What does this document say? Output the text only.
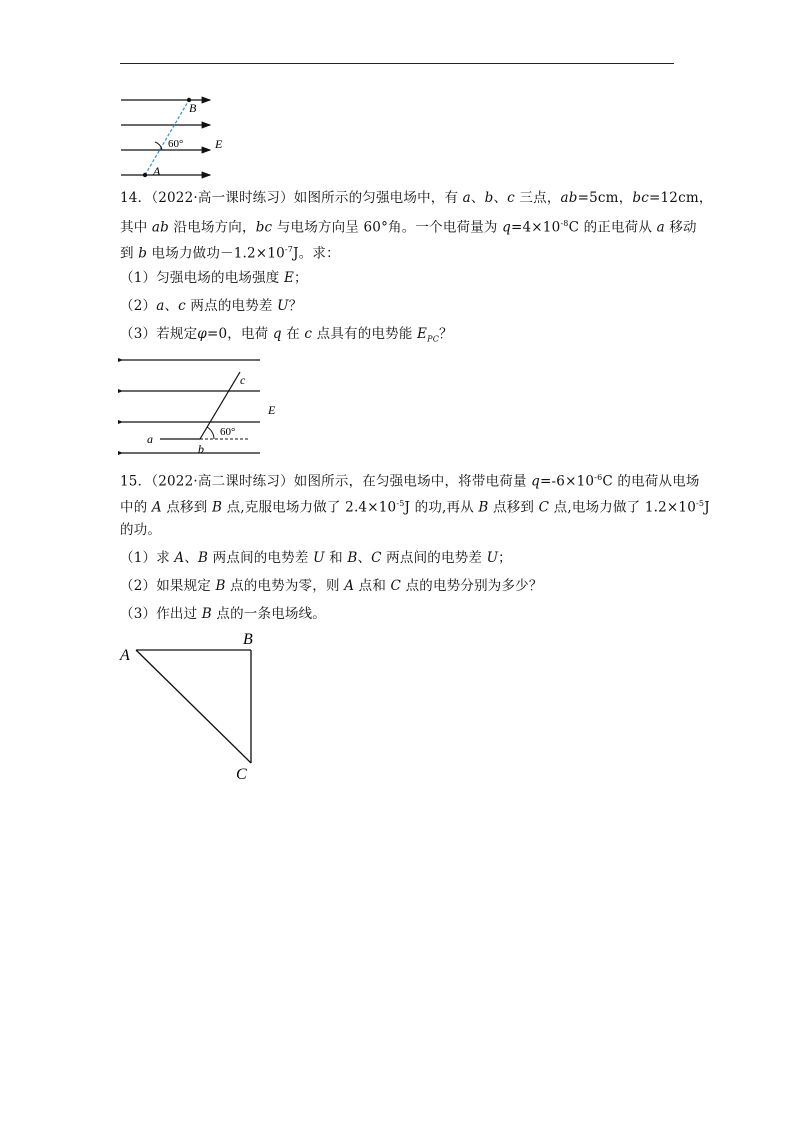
B
60°	E
A
14．（2022·高一课时练习）如图所示的匀强电场中，有 a、b、c 三点，ab=5cm，bc=12cm，
其中 ab 沿电场方向，bc 与电场方向呈 60°角。一个电荷量为 $q=4\times 10^{-8}C$ 的正电荷从 a 移动
到 b 电场力做功$-1.2\times 10^{-7}J$。求：
（1）匀强电场的电场强度 E；
（2）a、c 两点的电势差 U？
（3）若规定φ=0，电荷 q 在 c 点具有的电势能 $E_{PC}$？
c
E
a	60°
b
15．（2022·高二课时练习）如图所示，在匀强电场中，将带电荷量 $q=-6\times 10^{-6}C$ 的电荷从电场
中的 A 点移到 B 点,克服电场力做了 $2.4\times 10^{-5}J$ 的功,再从 B 点移到 C 点,电场力做了 $1.2\times 10^{-5}J$
的功。
（1）求 A、B 两点间的电势差 U 和 B、C 两点间的电势差 U；
（2）如果规定 B 点的电势为零，则 A 点和 C 点的电势分别为多少？
（3）作出过 B 点的一条电场线。
A
B
C
